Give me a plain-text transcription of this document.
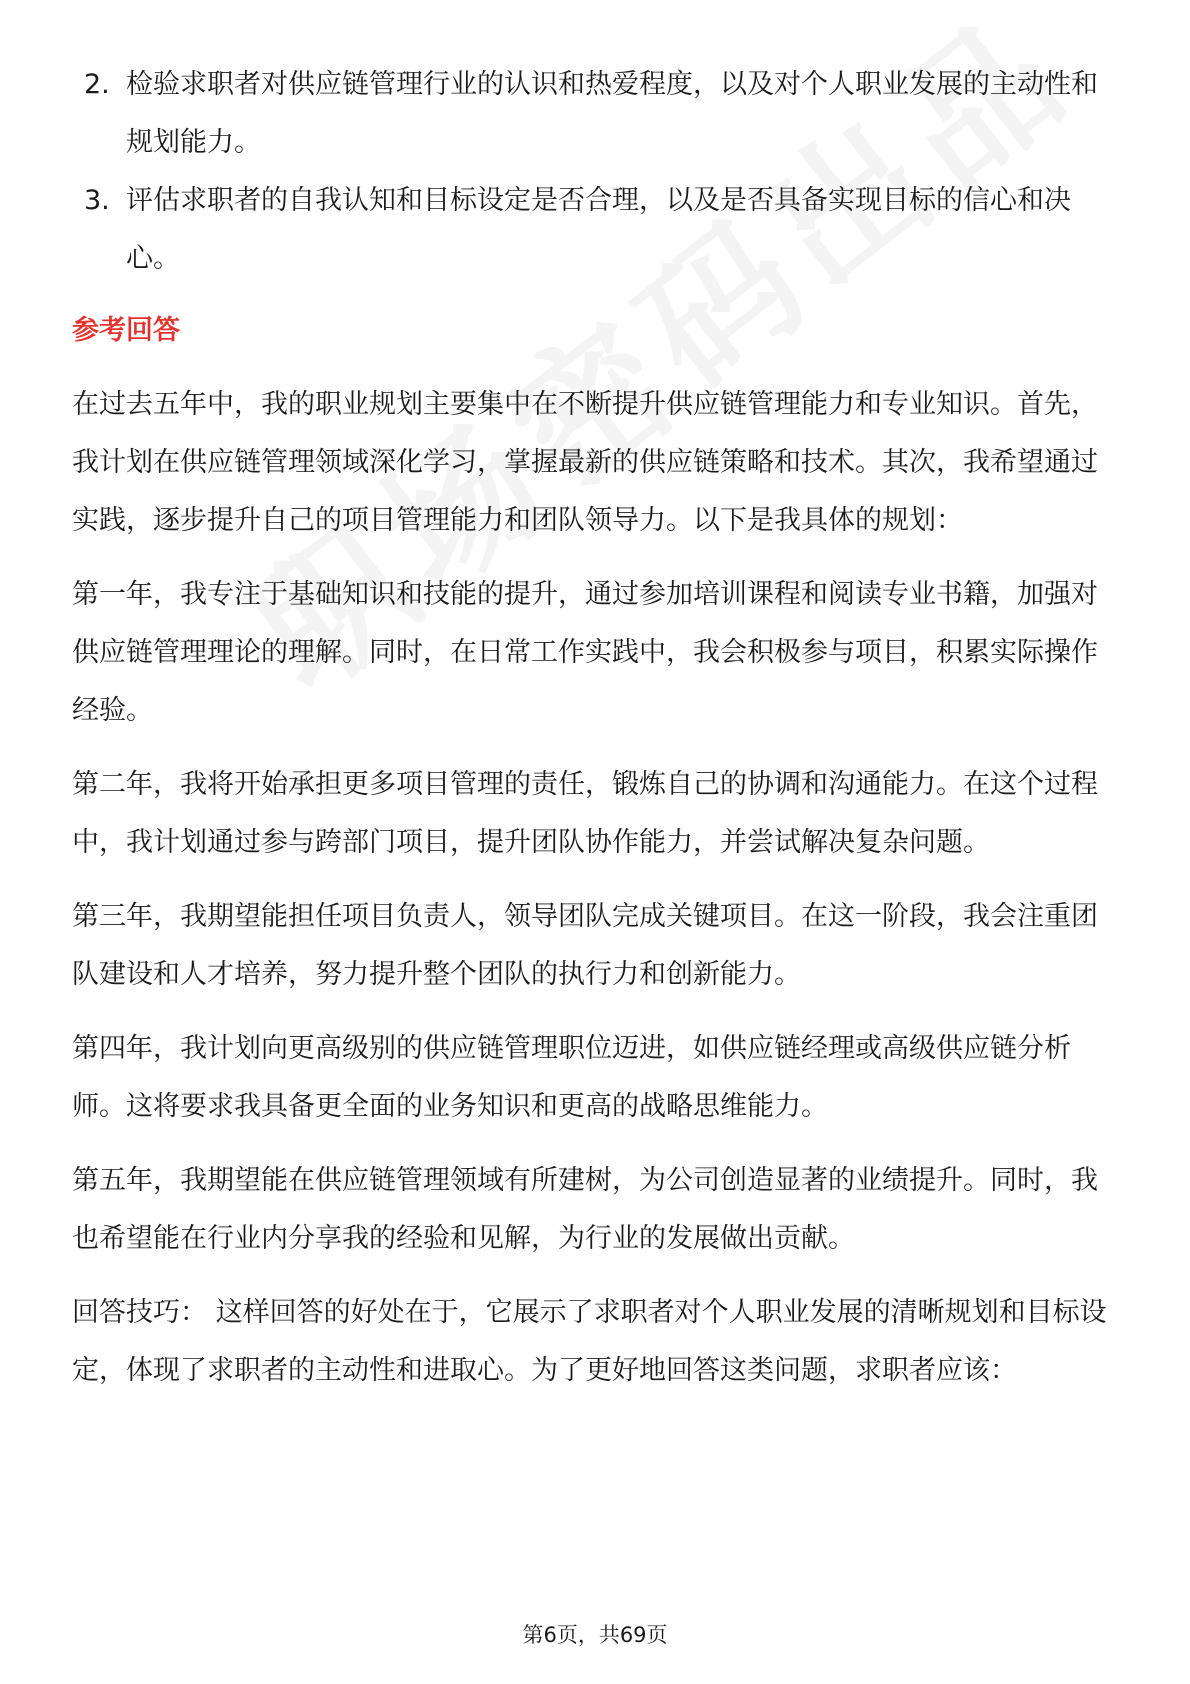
2. 检验求职者对供应链管理行业的认识和热爱程度，以及对个人职业发展的主动性和规划能力。
3. 评估求职者的自我认知和目标设定是否合理，以及是否具备实现目标的信心和决心。
参考回答

在过去五年中，我的职业规划主要集中在不断提升供应链管理能力和专业知识。首先，我计划在供应链管理领域深化学习，掌握最新的供应链策略和技术。其次，我希望通过实践，逐步提升自己的项目管理能力和团队领导力。以下是我具体的规划：

第一年，我专注于基础知识和技能的提升，通过参加培训课程和阅读专业书籍，加强对供应链管理理论的理解。同时，在日常工作实践中，我会积极参与项目，积累实际操作经验。

第二年，我将开始承担更多项目管理的责任，锻炼自己的协调和沟通能力。在这个过程中，我计划通过参与跨部门项目，提升团队协作能力，并尝试解决复杂问题。

第三年，我期望能担任项目负责人，领导团队完成关键项目。在这一阶段，我会注重团队建设和人才培养，努力提升整个团队的执行力和创新能力。

第四年，我计划向更高级别的供应链管理职位迈进，如供应链经理或高级供应链分析师。这将要求我具备更全面的业务知识和更高的战略思维能力。

第五年，我期望能在供应链管理领域有所建树，为公司创造显著的业绩提升。同时，我也希望能在行业内分享我的经验和见解，为行业的发展做出贡献。

回答技巧： 这样回答的好处在于，它展示了求职者对个人职业发展的清晰规划和目标设定，体现了求职者的主动性和进取心。为了更好地回答这类问题，求职者应该：

第6页，共69页
